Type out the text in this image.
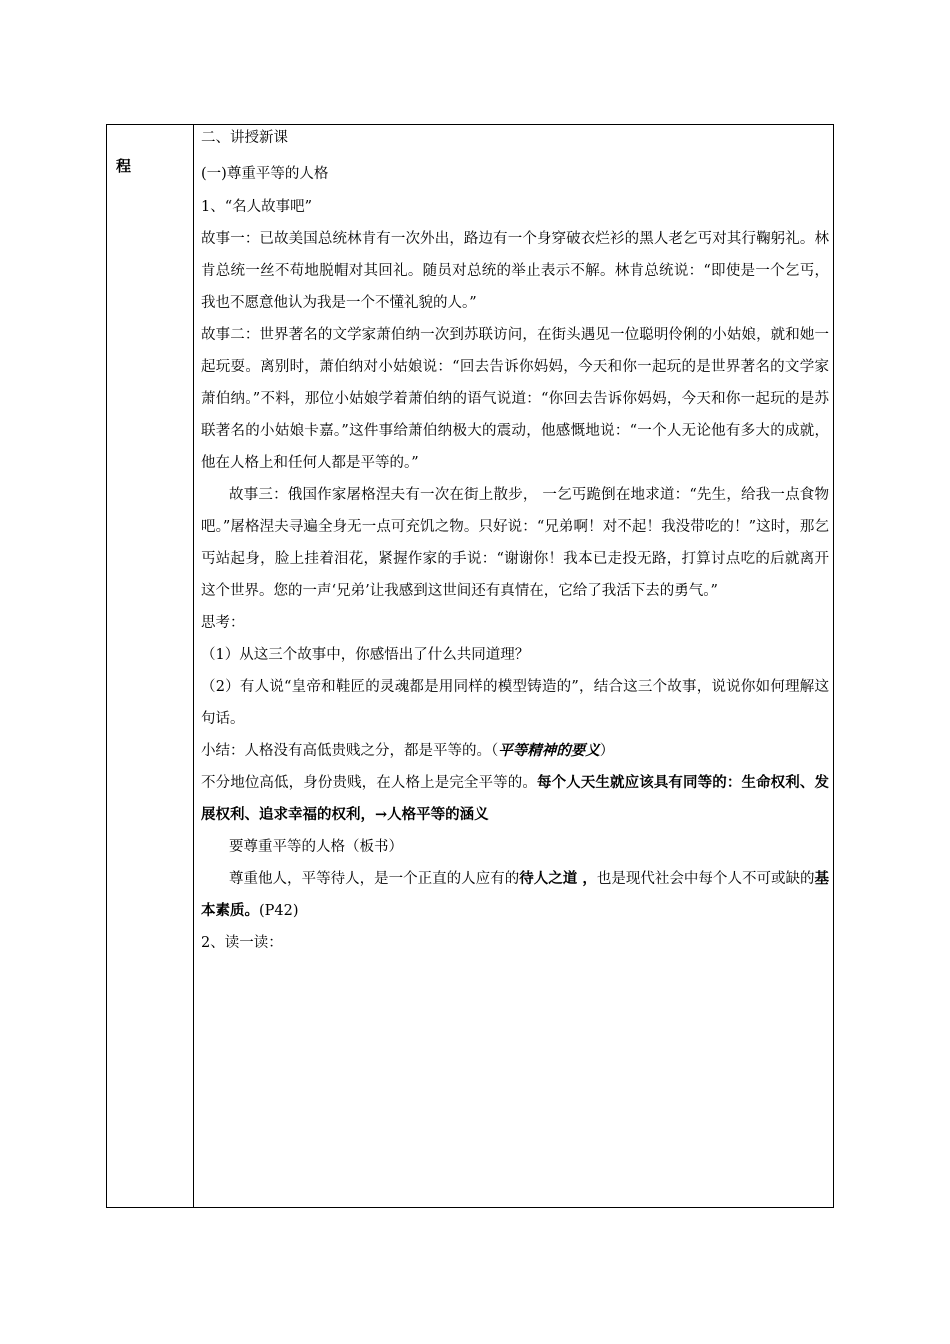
程
二、讲授新课
(一)尊重平等的人格
1、“名人故事吧”
故事一：已故美国总统林肯有一次外出，路边有一个身穿破衣烂衫的黑人老乞丐对其行鞠躬礼。林肯总统一丝不苟地脱帽对其回礼。随员对总统的举止表示不解。林肯总统说：“即使是一个乞丐，我也不愿意他认为我是一个不懂礼貌的人。”
故事二：世界著名的文学家萧伯纳一次到苏联访问，在街头遇见一位聪明伶俐的小姑娘，就和她一起玩耍。离别时，萧伯纳对小姑娘说：“回去告诉你妈妈，今天和你一起玩的是世界著名的文学家萧伯纳。”不料，那位小姑娘学着萧伯纳的语气说道：“你回去告诉你妈妈，今天和你一起玩的是苏联著名的小姑娘卡嘉。”这件事给萧伯纳极大的震动，他感慨地说：“一个人无论他有多大的成就，他在人格上和任何人都是平等的。”
故事三：俄国作家屠格涅夫有一次在街上散步， 一乞丐跪倒在地求道：“先生，给我一点食物吧。”屠格涅夫寻遍全身无一点可充饥之物。只好说：“兄弟啊！对不起！我没带吃的！”这时，那乞丐站起身，脸上挂着泪花，紧握作家的手说：“谢谢你！我本已走投无路，打算讨点吃的后就离开这个世界。您的一声‘兄弟’让我感到这世间还有真情在，它给了我活下去的勇气。”
思考：
（1）从这三个故事中，你感悟出了什么共同道理？
（2）有人说“皇帝和鞋匠的灵魂都是用同样的模型铸造的”，结合这三个故事，说说你如何理解这句话。
小结：人格没有高低贵贱之分，都是平等的。（平等精神的要义）
不分地位高低，身份贵贱，在人格上是完全平等的。每个人天生就应该具有同等的：生命权利、发展权利、追求幸福的权利，→人格平等的涵义
要尊重平等的人格（板书）
尊重他人，平等待人，是一个正直的人应有的待人之道 ，也是现代社会中每个人不可或缺的基本素质。(P42)
2、读一读：
